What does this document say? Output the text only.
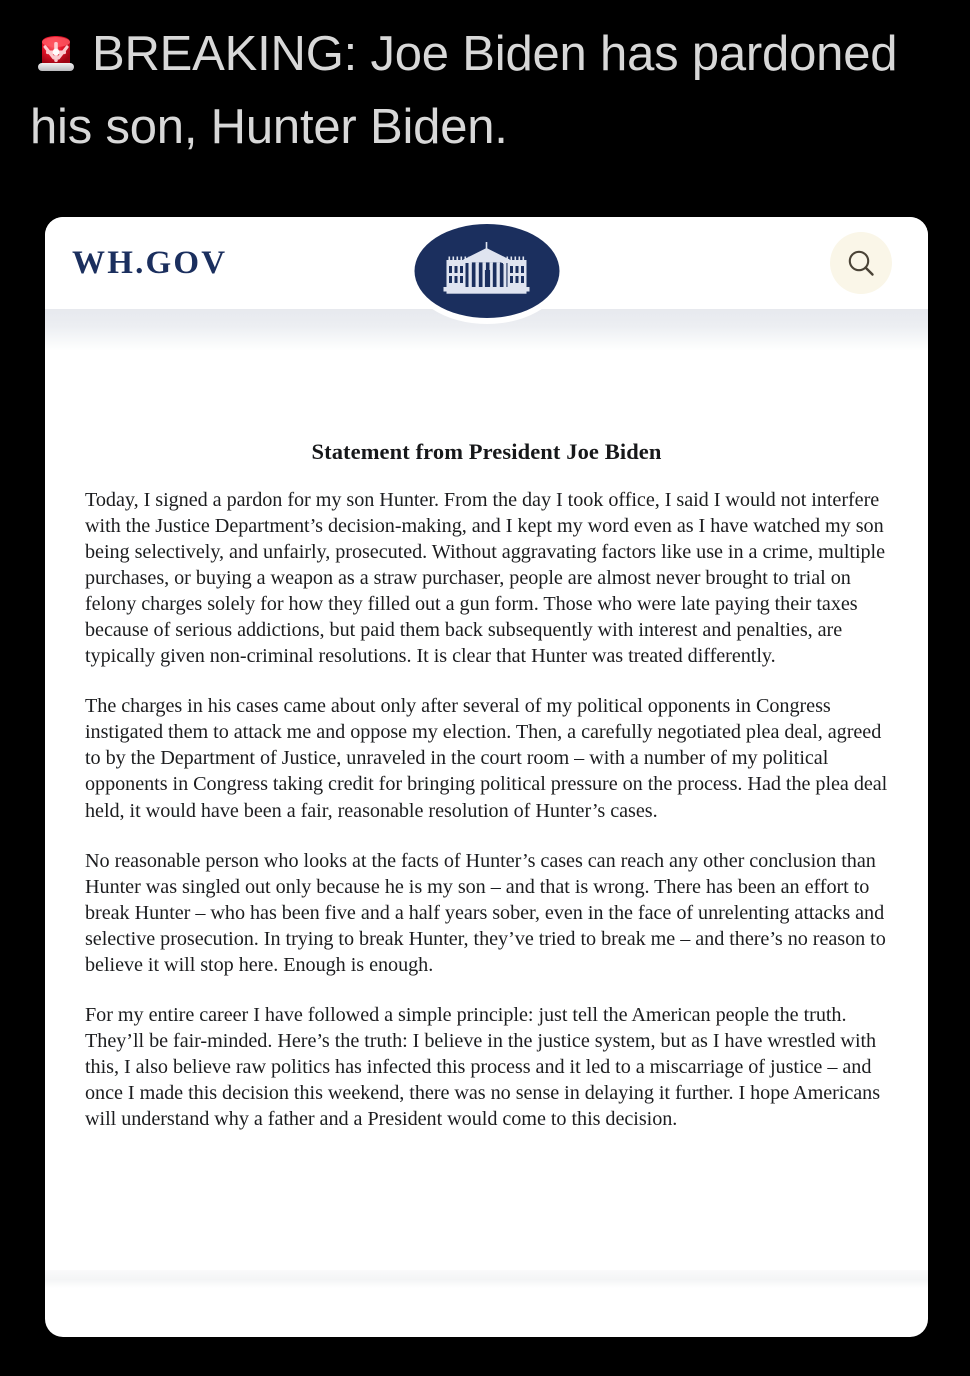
BREAKING: Joe Biden has pardoned his son, Hunter Biden.
WH.GOV
Statement from President Joe Biden

Today, I signed a pardon for my son Hunter. From the day I took office, I said I would not interfere with the Justice Department’s decision-making, and I kept my word even as I have watched my son being selectively, and unfairly, prosecuted. Without aggravating factors like use in a crime, multiple purchases, or buying a weapon as a straw purchaser, people are almost never brought to trial on felony charges solely for how they filled out a gun form. Those who were late paying their taxes because of serious addictions, but paid them back subsequently with interest and penalties, are typically given non-criminal resolutions. It is clear that Hunter was treated differently.

The charges in his cases came about only after several of my political opponents in Congress instigated them to attack me and oppose my election. Then, a carefully negotiated plea deal, agreed to by the Department of Justice, unraveled in the court room – with a number of my political opponents in Congress taking credit for bringing political pressure on the process. Had the plea deal held, it would have been a fair, reasonable resolution of Hunter’s cases.

No reasonable person who looks at the facts of Hunter’s cases can reach any other conclusion than Hunter was singled out only because he is my son – and that is wrong. There has been an effort to break Hunter – who has been five and a half years sober, even in the face of unrelenting attacks and selective prosecution. In trying to break Hunter, they’ve tried to break me – and there’s no reason to believe it will stop here. Enough is enough.

For my entire career I have followed a simple principle: just tell the American people the truth. They’ll be fair-minded. Here’s the truth: I believe in the justice system, but as I have wrestled with this, I also believe raw politics has infected this process and it led to a miscarriage of justice – and once I made this decision this weekend, there was no sense in delaying it further. I hope Americans will understand why a father and a President would come to this decision.
